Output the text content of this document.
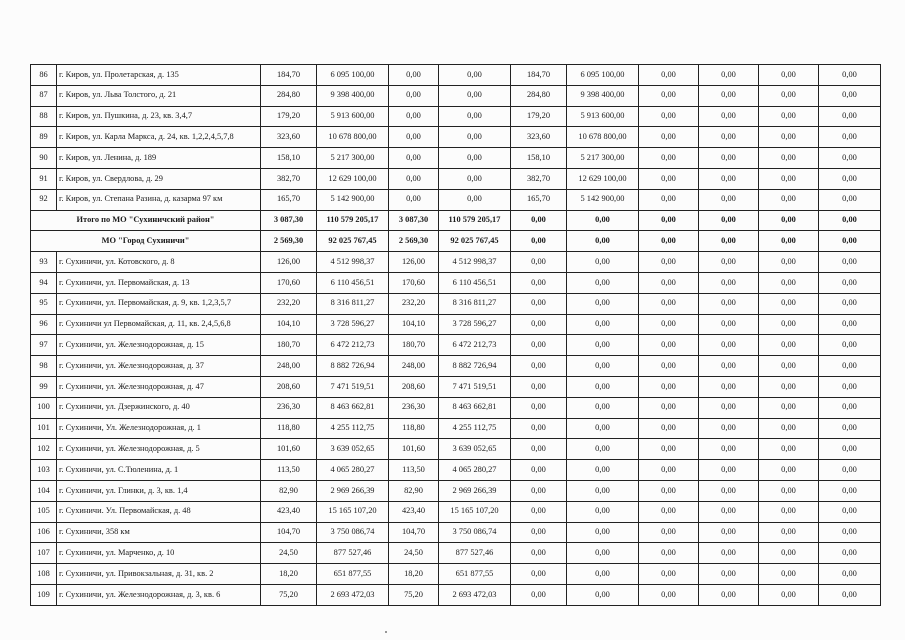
86	г. Киров, ул. Пролетарская, д. 135	184,70	6 095 100,00	0,00	0,00	184,70	6 095 100,00	0,00	0,00	0,00	0,00
87	г. Киров, ул. Льва Толстого, д. 21	284,80	9 398 400,00	0,00	0,00	284,80	9 398 400,00	0,00	0,00	0,00	0,00
88	г. Киров, ул. Пушкина, д. 23, кв. 3,4,7	179,20	5 913 600,00	0,00	0,00	179,20	5 913 600,00	0,00	0,00	0,00	0,00
89	г. Киров, ул. Карла Маркса, д. 24, кв. 1,2,2,4,5,7,8	323,60	10 678 800,00	0,00	0,00	323,60	10 678 800,00	0,00	0,00	0,00	0,00
90	г. Киров, ул. Ленина, д. 189	158,10	5 217 300,00	0,00	0,00	158,10	5 217 300,00	0,00	0,00	0,00	0,00
91	г. Киров, ул. Свердлова, д. 29	382,70	12 629 100,00	0,00	0,00	382,70	12 629 100,00	0,00	0,00	0,00	0,00
92	г. Киров, ул. Степана Разина, д. казарма 97 км	165,70	5 142 900,00	0,00	0,00	165,70	5 142 900,00	0,00	0,00	0,00	0,00
Итого по МО "Сухиничский район"		3 087,30	110 579 205,17	3 087,30	110 579 205,17	0,00	0,00	0,00	0,00	0,00	0,00
МО "Город Сухиничи"		2 569,30	92 025 767,45	2 569,30	92 025 767,45	0,00	0,00	0,00	0,00	0,00	0,00
93	г. Сухиничи, ул. Котовского, д. 8	126,00	4 512 998,37	126,00	4 512 998,37	0,00	0,00	0,00	0,00	0,00	0,00
94	г. Сухиничи, ул. Первомайская, д. 13	170,60	6 110 456,51	170,60	6 110 456,51	0,00	0,00	0,00	0,00	0,00	0,00
95	г. Сухиничи, ул. Первомайская, д. 9, кв. 1,2,3,5,7	232,20	8 316 811,27	232,20	8 316 811,27	0,00	0,00	0,00	0,00	0,00	0,00
96	г. Сухиничи ул Первомайская, д. 11, кв. 2,4,5,6,8	104,10	3 728 596,27	104,10	3 728 596,27	0,00	0,00	0,00	0,00	0,00	0,00
97	г. Сухиничи, ул. Железнодорожная, д. 15	180,70	6 472 212,73	180,70	6 472 212,73	0,00	0,00	0,00	0,00	0,00	0,00
98	г. Сухиничи, ул. Железнодорожная, д. 37	248,00	8 882 726,94	248,00	8 882 726,94	0,00	0,00	0,00	0,00	0,00	0,00
99	г. Сухиничи, ул. Железнодорожная, д. 47	208,60	7 471 519,51	208,60	7 471 519,51	0,00	0,00	0,00	0,00	0,00	0,00
100	г. Сухиничи, ул. Дзержинского, д. 40	236,30	8 463 662,81	236,30	8 463 662,81	0,00	0,00	0,00	0,00	0,00	0,00
101	г. Сухиничи, Ул. Железнодорожная, д. 1	118,80	4 255 112,75	118,80	4 255 112,75	0,00	0,00	0,00	0,00	0,00	0,00
102	г. Сухиничи, ул. Железнодорожная, д. 5	101,60	3 639 052,65	101,60	3 639 052,65	0,00	0,00	0,00	0,00	0,00	0,00
103	г. Сухиничи, ул. С.Тюленина, д. 1	113,50	4 065 280,27	113,50	4 065 280,27	0,00	0,00	0,00	0,00	0,00	0,00
104	г. Сухиничи, ул. Глинки, д. 3, кв. 1,4	82,90	2 969 266,39	82,90	2 969 266,39	0,00	0,00	0,00	0,00	0,00	0,00
105	г. Сухиничи. Ул. Первомайская, д. 48	423,40	15 165 107,20	423,40	15 165 107,20	0,00	0,00	0,00	0,00	0,00	0,00
106	г. Сухиничи, 358 км	104,70	3 750 086,74	104,70	3 750 086,74	0,00	0,00	0,00	0,00	0,00	0,00
107	г. Сухиничи, ул. Марченко, д. 10	24,50	877 527,46	24,50	877 527,46	0,00	0,00	0,00	0,00	0,00	0,00
108	г. Сухиничи, ул. Привокзальная, д. 31, кв. 2	18,20	651 877,55	18,20	651 877,55	0,00	0,00	0,00	0,00	0,00	0,00
109	г. Сухиничи, ул. Железнодорожная, д. 3, кв. 6	75,20	2 693 472,03	75,20	2 693 472,03	0,00	0,00	0,00	0,00	0,00	0,00
